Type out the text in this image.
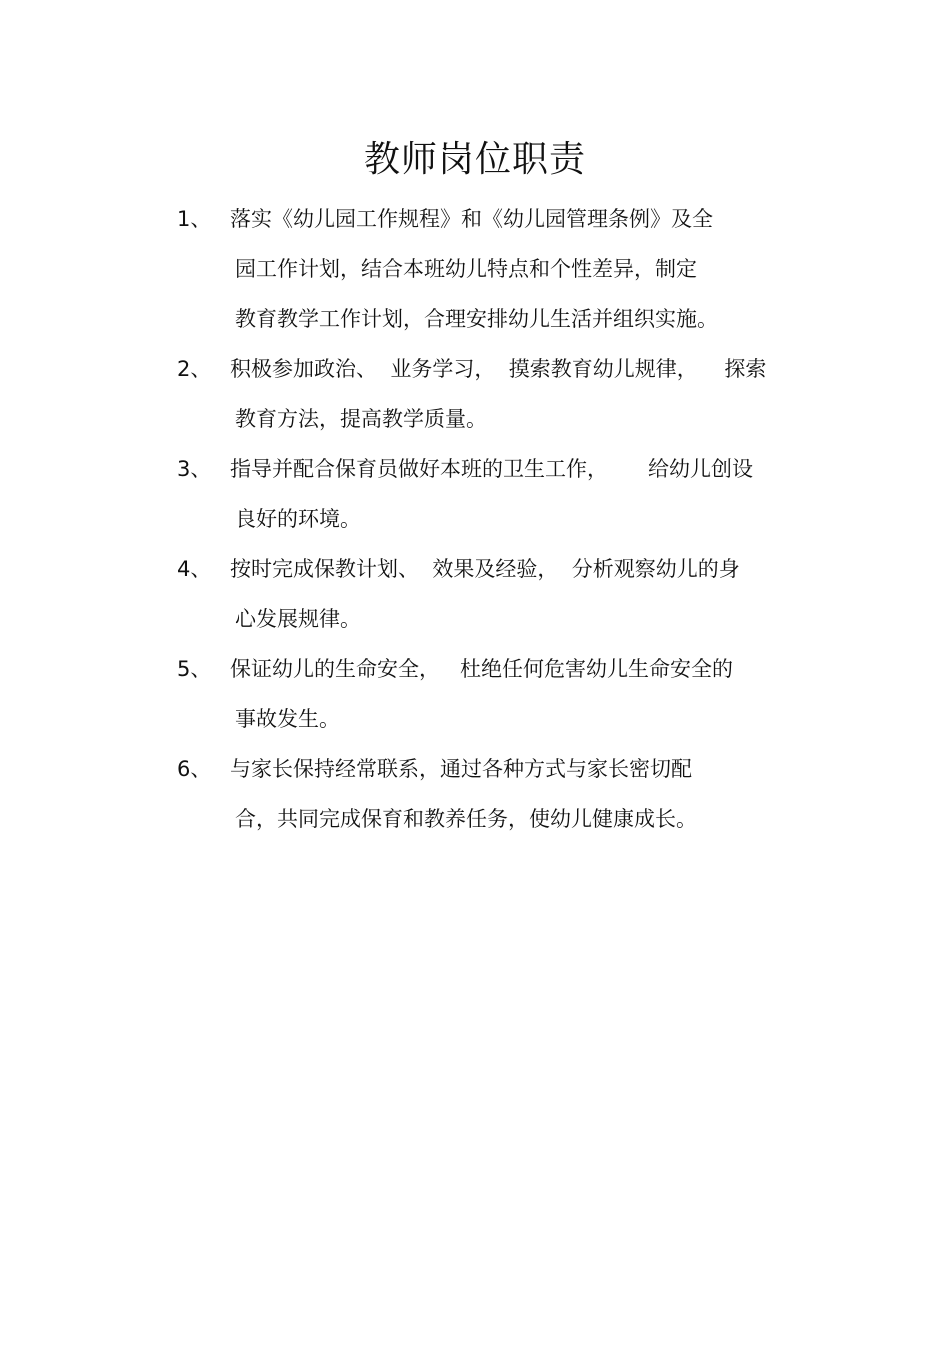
教师岗位职责
1、 落实《幼儿园工作规程》和《幼儿园管理条例》及全
园工作计划，结合本班幼儿特点和个性差异，制定
教育教学工作计划，合理安排幼儿生活并组织实施。
2、 积极参加政治、  业务学习，  摸索教育幼儿规律，    探索
教育方法，提高教学质量。
3、 指导并配合保育员做好本班的卫生工作，      给幼儿创设
良好的环境。
4、 按时完成保教计划、  效果及经验，  分析观察幼儿的身
心发展规律。
5、 保证幼儿的生命安全，   杜绝任何危害幼儿生命安全的
事故发生。
6、 与家长保持经常联系，通过各种方式与家长密切配
合，共同完成保育和教养任务，使幼儿健康成长。
